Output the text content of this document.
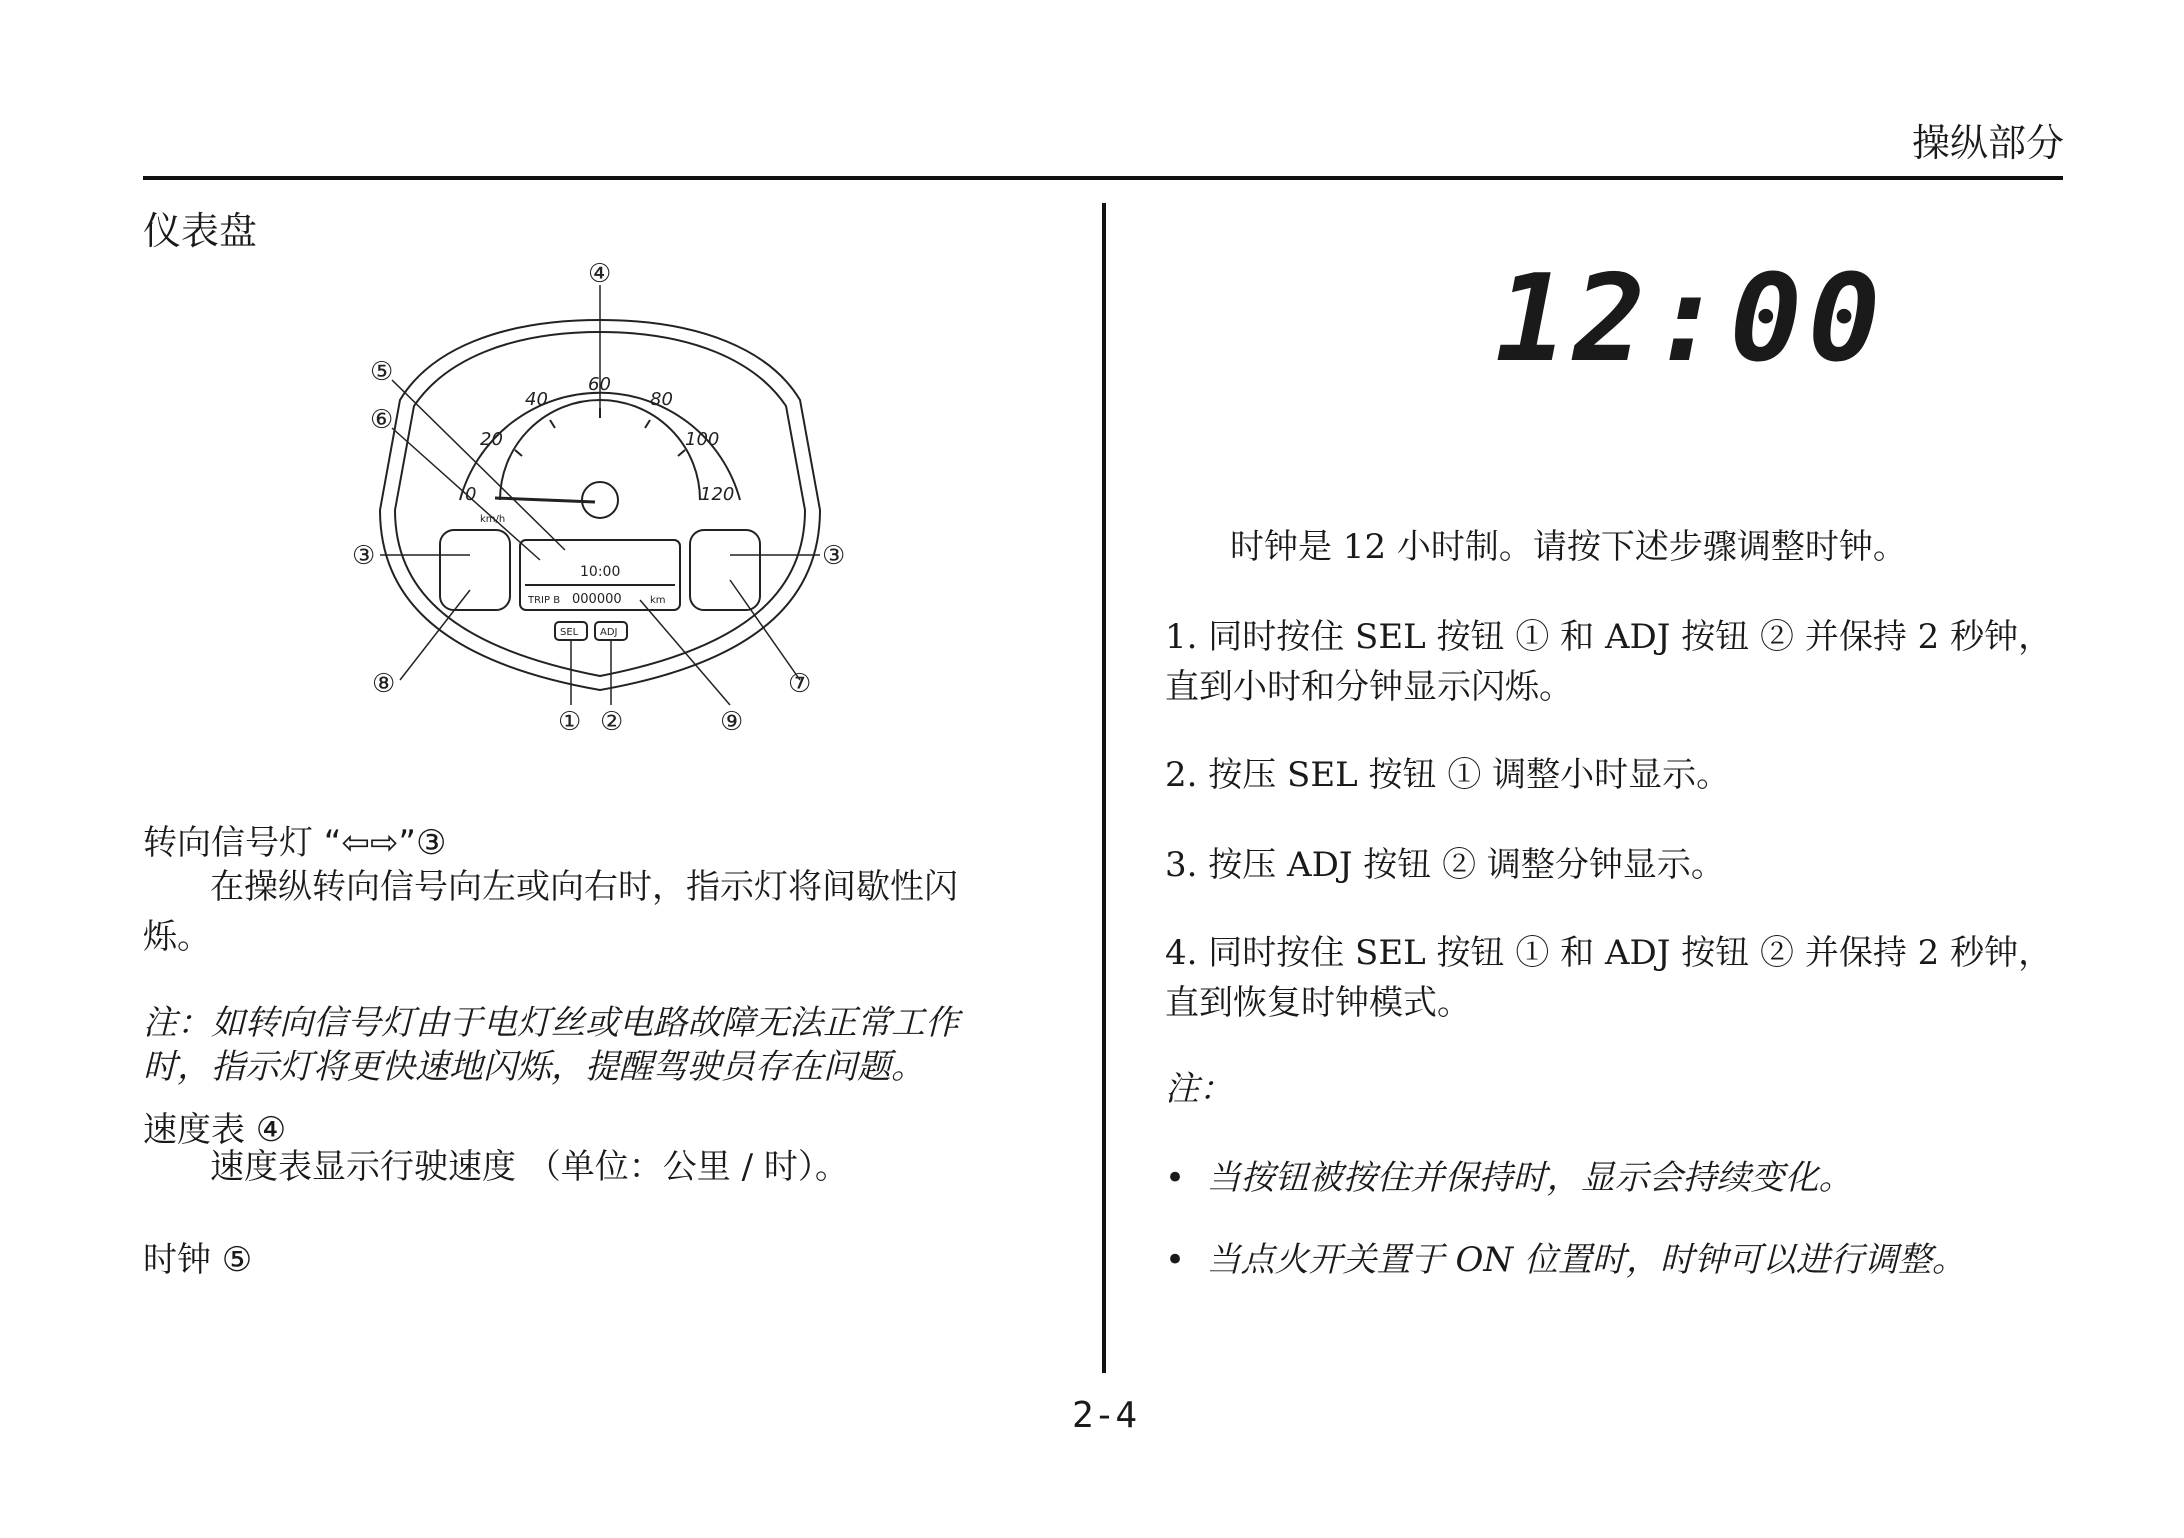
操纵部分
仪表盘
0
20
40
60
80
100
120
km/h
10:00
TRIP B 000000	km
SEL ADJ
④
⑤
⑥
③	③
⑧	⑦
① ②	⑨
转向信号灯 “⇦⇨”③
在操纵转向信号向左或向右时，指示灯将间歇性闪
烁。
注：如转向信号灯由于电灯丝或电路故障无法正常工作
时，指示灯将更快速地闪烁，提醒驾驶员存在问题。
速度表 ④
速度表显示行驶速度 （单位：公里 / 时）。
时钟 ⑤
12:00
时钟是 12 小时制。请按下述步骤调整时钟。
1. 同时按住 SEL 按钮 ① 和 ADJ 按钮 ② 并保持 2 秒钟，
直到小时和分钟显示闪烁。
2. 按压 SEL 按钮 ① 调整小时显示。
3. 按压 ADJ 按钮 ② 调整分钟显示。
4. 同时按住 SEL 按钮 ① 和 ADJ 按钮 ② 并保持 2 秒钟，
直到恢复时钟模式。
注：
•  当按钮被按住并保持时，显示会持续变化。
•  当点火开关置于 ON 位置时，时钟可以进行调整。
2-4
